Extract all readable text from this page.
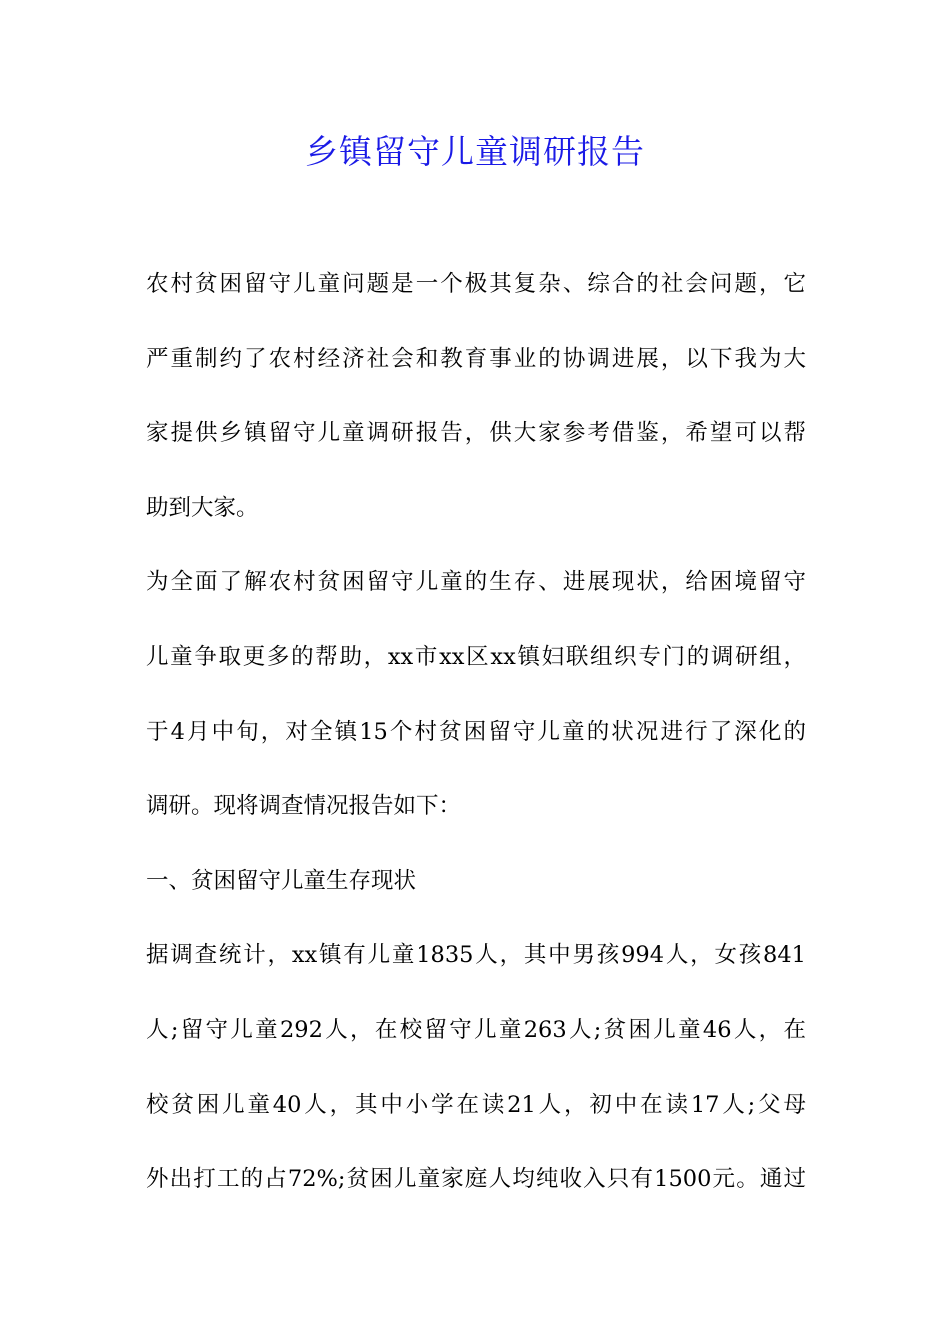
乡镇留守儿童调研报告
农村贫困留守儿童问题是一个极其复杂、综合的社会问题，它
严重制约了农村经济社会和教育事业的协调进展，以下我为大
家提供乡镇留守儿童调研报告，供大家参考借鉴，希望可以帮
助到大家。
为全面了解农村贫困留守儿童的生存、进展现状，给困境留守
儿童争取更多的帮助，xx市xx区xx镇妇联组织专门的调研组，
于4月中旬，对全镇15个村贫困留守儿童的状况进行了深化的
调研。现将调查情况报告如下：
一、贫困留守儿童生存现状
据调查统计，xx镇有儿童1835人，其中男孩994人，女孩841
人;留守儿童292人，在校留守儿童263人;贫困儿童46人，在
校贫困儿童40人，其中小学在读21人，初中在读17人;父母
外出打工的占72%;贫困儿童家庭人均纯收入只有1500元。通过
